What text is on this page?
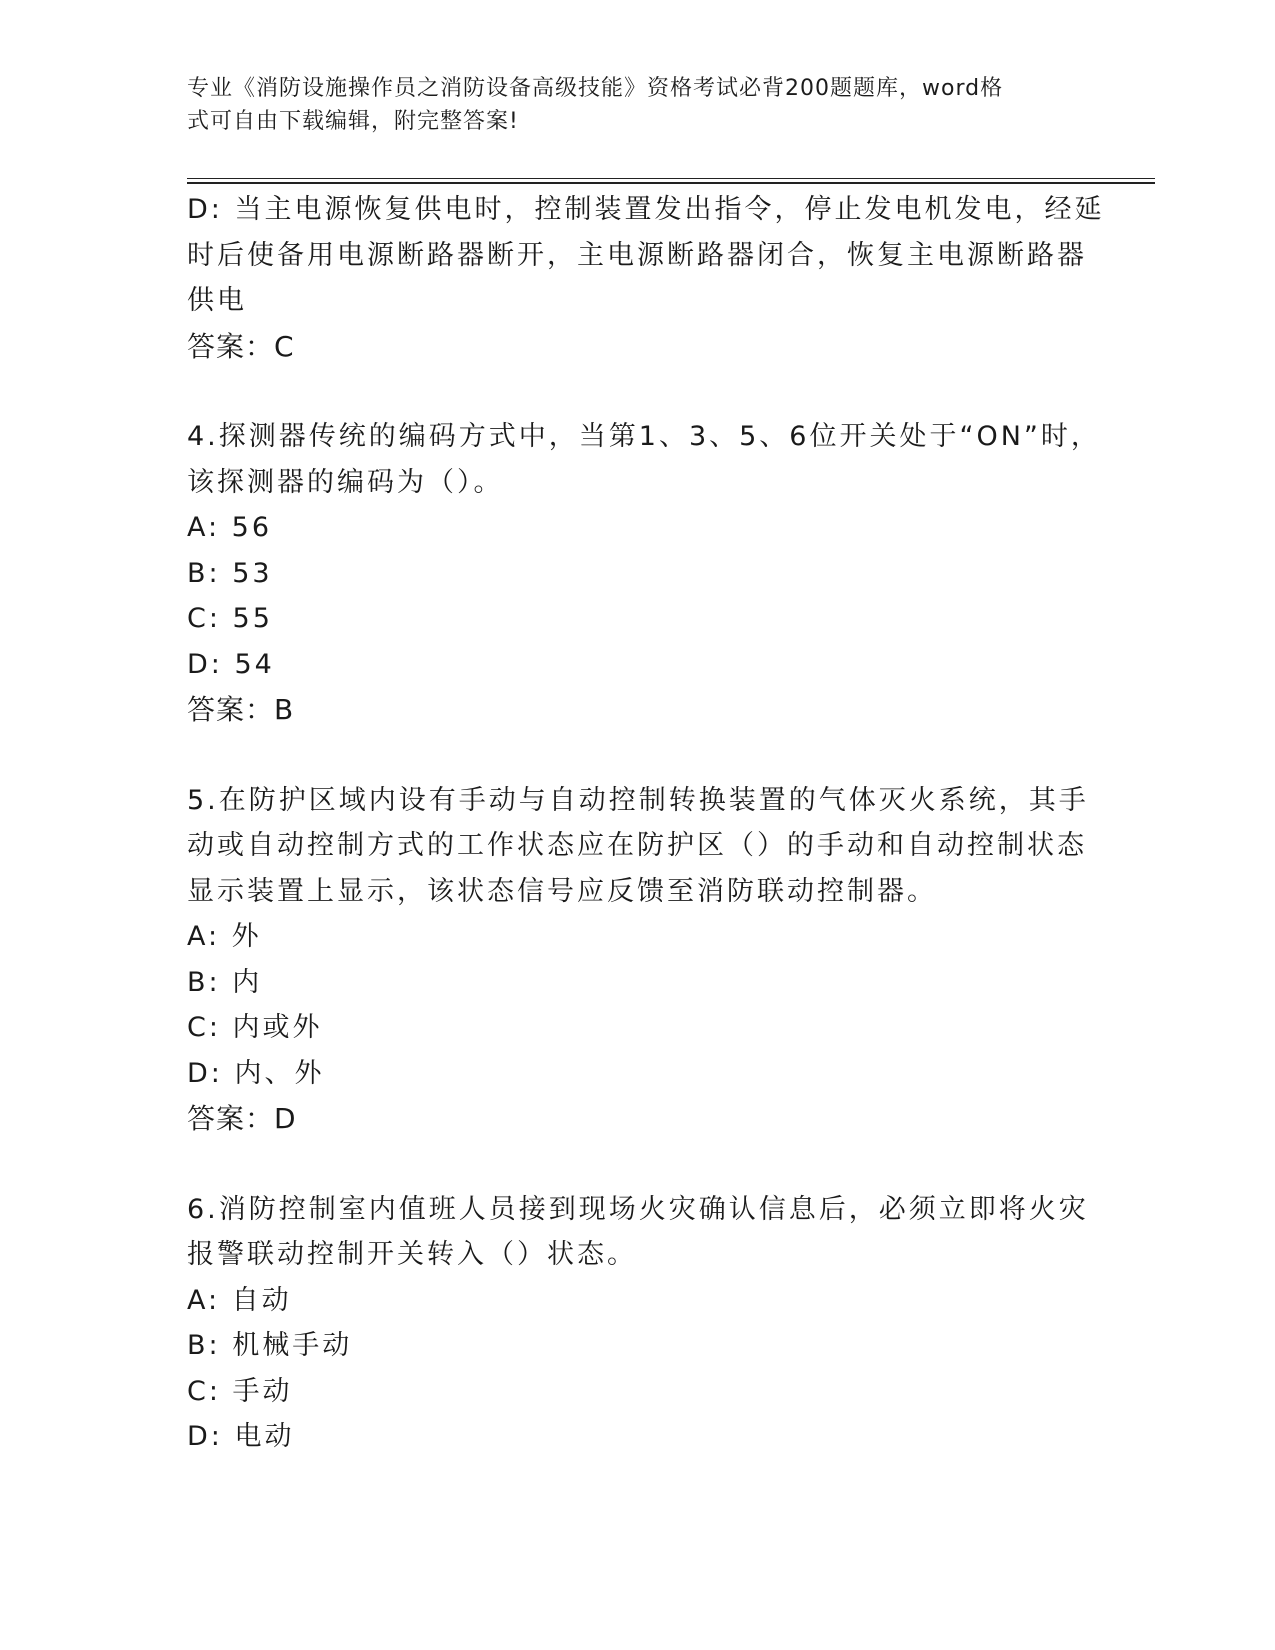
专业《消防设施操作员之消防设备高级技能》资格考试必背200题题库，word格
式可自由下载编辑，附完整答案!
D: 当主电源恢复供电时，控制装置发出指令，停止发电机发电，经延
时后使备用电源断路器断开，主电源断路器闭合，恢复主电源断路器
供电
答案：C
4.探测器传统的编码方式中，当第1、3、5、6位开关处于“ON”时，
该探测器的编码为（）。
A: 56
B: 53
C: 55
D: 54
答案：B
5.在防护区域内设有手动与自动控制转换装置的气体灭火系统，其手
动或自动控制方式的工作状态应在防护区（）的手动和自动控制状态
显示装置上显示，该状态信号应反馈至消防联动控制器。
A: 外
B: 内
C: 内或外
D: 内、外
答案：D
6.消防控制室内值班人员接到现场火灾确认信息后，必须立即将火灾
报警联动控制开关转入（）状态。
A: 自动
B: 机械手动
C: 手动
D: 电动
